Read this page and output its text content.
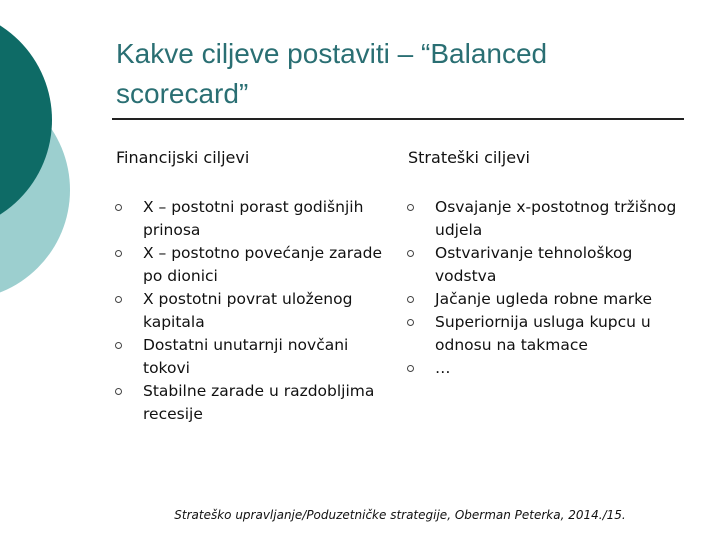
Kakve ciljeve postaviti – “Balanced scorecard”
Financijski ciljevi
X – postotni porast godišnjih prinosa
X – postotno povećanje zarade po dionici
X postotni povrat uloženog kapitala
Dostatni unutarnji novčani tokovi
Stabilne zarade u razdobljima recesije
Strateški ciljevi
Osvajanje x-postotnog tržišnog udjela
Ostvarivanje tehnološkog vodstva
Jačanje ugleda robne marke
Superiornija usluga kupcu u odnosu na takmace
…
Strateško upravljanje/Poduzetničke strategije, Oberman Peterka, 2014./15.
